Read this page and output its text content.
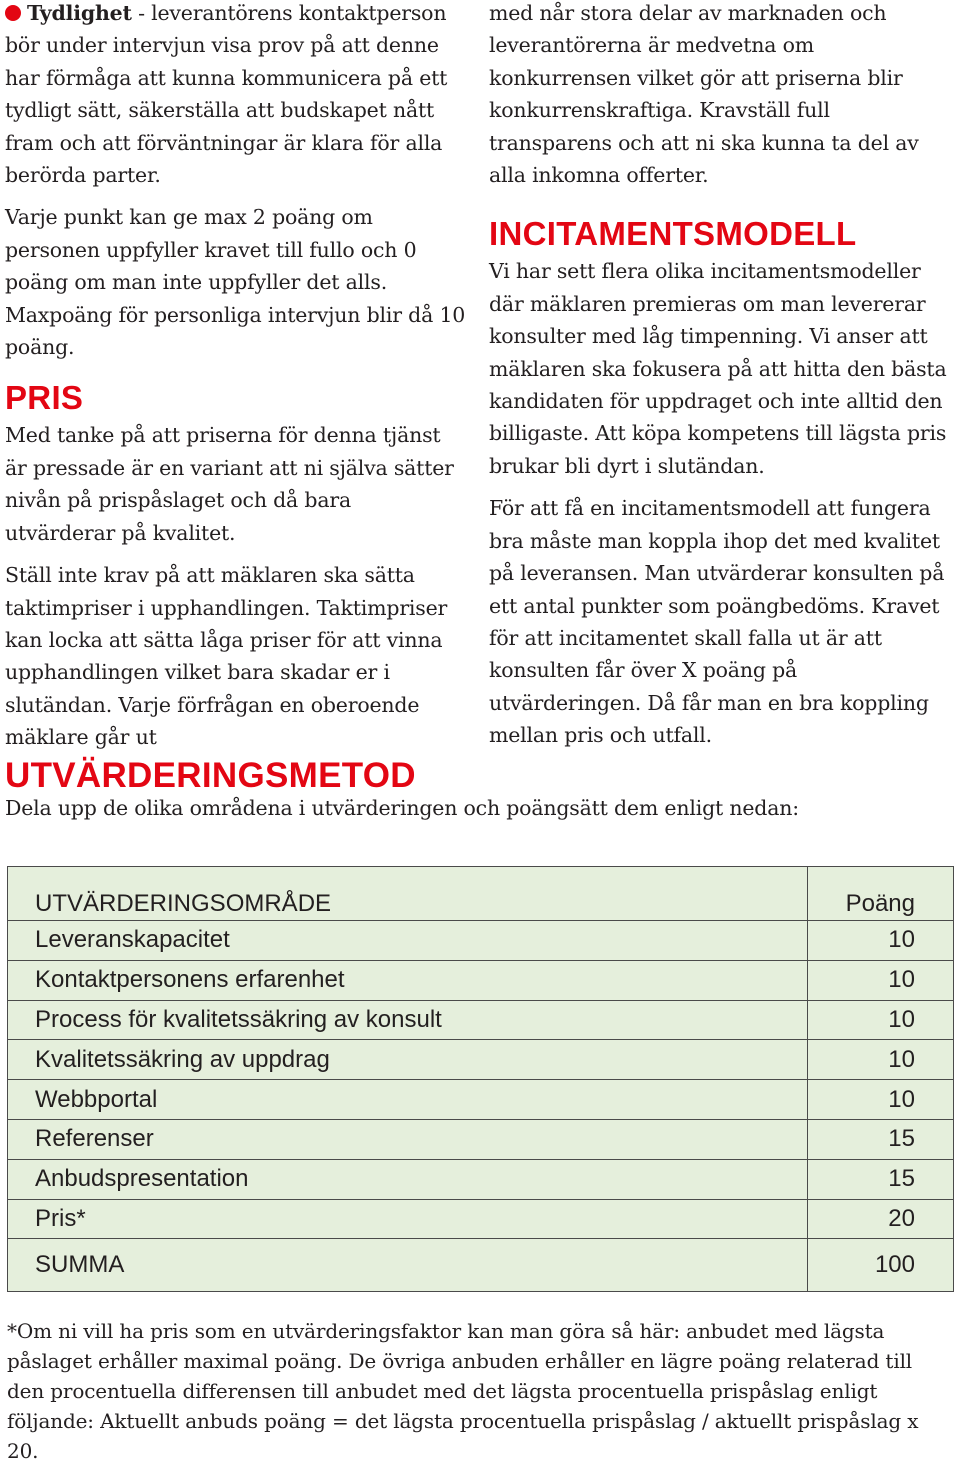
Tydlighet - leverantörens kontaktperson bör under intervjun visa prov på att denne har förmåga att kunna kommunicera på ett tydligt sätt, säkerställa att budskapet nått fram och att förväntningar är klara för alla berörda parter.

Varje punkt kan ge max 2 poäng om personen uppfyller kravet till fullo och 0 poäng om man inte uppfyller det alls. Maxpoäng för personliga intervjun blir då 10 poäng.

PRIS

Med tanke på att priserna för denna tjänst är pressade är en variant att ni själva sätter nivån på prispåslaget och då bara utvärderar på kvalitet.

Ställ inte krav på att mäklaren ska sätta taktimpriser i upphandlingen. Taktimpriser kan locka att sätta låga priser för att vinna upphandlingen vilket bara skadar er i slutändan. Varje förfrågan en oberoende mäklare går ut

med når stora delar av marknaden och leverantörerna är medvetna om konkurrensen vilket gör att priserna blir konkurrenskraftiga. Kravställ full transparens och att ni ska kunna ta del av alla inkomna offerter.

INCITAMENTSMODELL

Vi har sett flera olika incitamentsmodeller där mäklaren premieras om man levererar konsulter med låg timpenning. Vi anser att mäklaren ska fokusera på att hitta den bästa kandidaten för uppdraget och inte alltid den billigaste. Att köpa kompetens till lägsta pris brukar bli dyrt i slutändan.

För att få en incitamentsmodell att fungera bra måste man koppla ihop det med kvalitet på leveransen. Man utvärderar konsulten på ett antal punkter som poängbedöms. Kravet för att incitamentet skall falla ut är att konsulten får över X poäng på utvärderingen. Då får man en bra koppling mellan pris och utfall.

UTVÄRDERINGSMETOD

Dela upp de olika områdena i utvärderingen och poängsätt dem enligt nedan:

UTVÄRDERINGSOMRÅDE	Poäng
Leveranskapacitet	10
Kontaktpersonens erfarenhet	10
Process för kvalitetssäkring av konsult	10
Kvalitetssäkring av uppdrag	10
Webbportal	10
Referenser	15
Anbudspresentation	15
Pris*	20
SUMMA	100

*Om ni vill ha pris som en utvärderingsfaktor kan man göra så här: anbudet med lägsta påslaget erhåller maximal poäng. De övriga anbuden erhåller en lägre poäng relaterad till den procentuella differensen till anbudet med det lägsta procentuella prispåslag enligt följande: Aktuellt anbuds poäng = det lägsta procentuella prispåslag / aktuellt prispåslag x 20.
